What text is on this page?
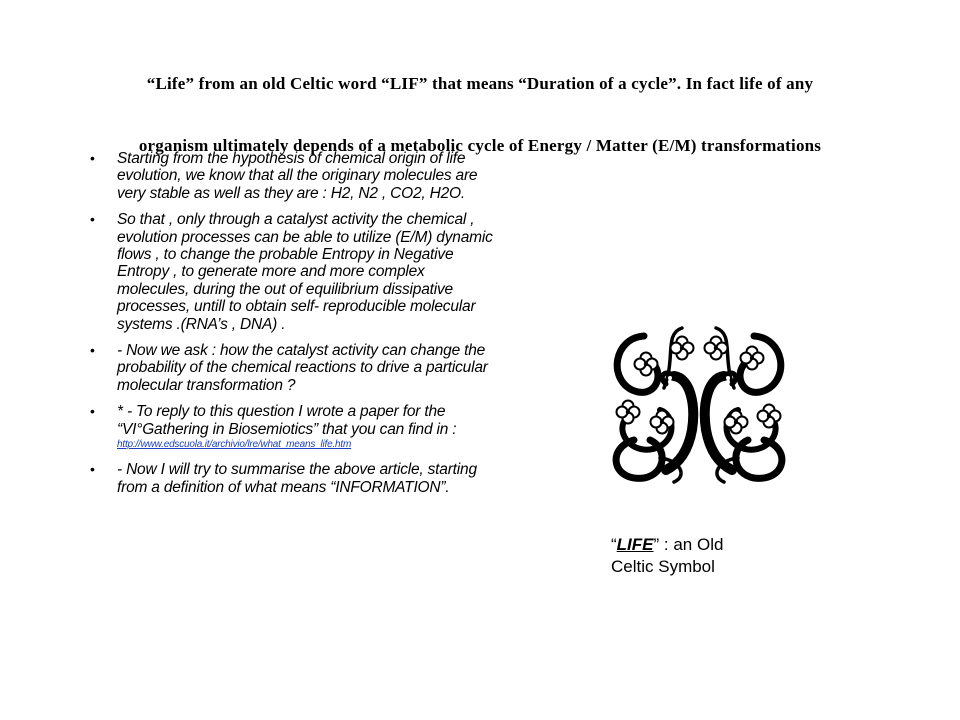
“Life” from an old Celtic word “LIF” that means “Duration of a cycle”. In fact life of any
organism ultimately depends of a metabolic cycle of Energy / Matter (E/M) transformations
• Starting from the hypothesis of chemical origin of life evolution, we know that all the originary molecules are very stable as well as they are : H2, N2 , CO2, H2O.
• So that , only through a catalyst activity the chemical , evolution processes can be able to utilize (E/M) dynamic flows , to change the probable Entropy in Negative Entropy , to generate more and more complex molecules, during the out of equilibrium dissipative processes, untill to obtain self- reproducible molecular systems .(RNA’s , DNA) .
• - Now we ask : how the catalyst activity can change the probability of the chemical reactions to drive a particular molecular transformation ?
• * - To reply to this question I wrote a paper for the “VI°Gathering in Biosemiotics” that you can find in :
http://www.edscuola.it/archivio/lre/what_means_life.htm
• - Now I will try to summarise the above article, starting from a definition of what means “INFORMATION”.
“LIFE” : an Old
Celtic Symbol
